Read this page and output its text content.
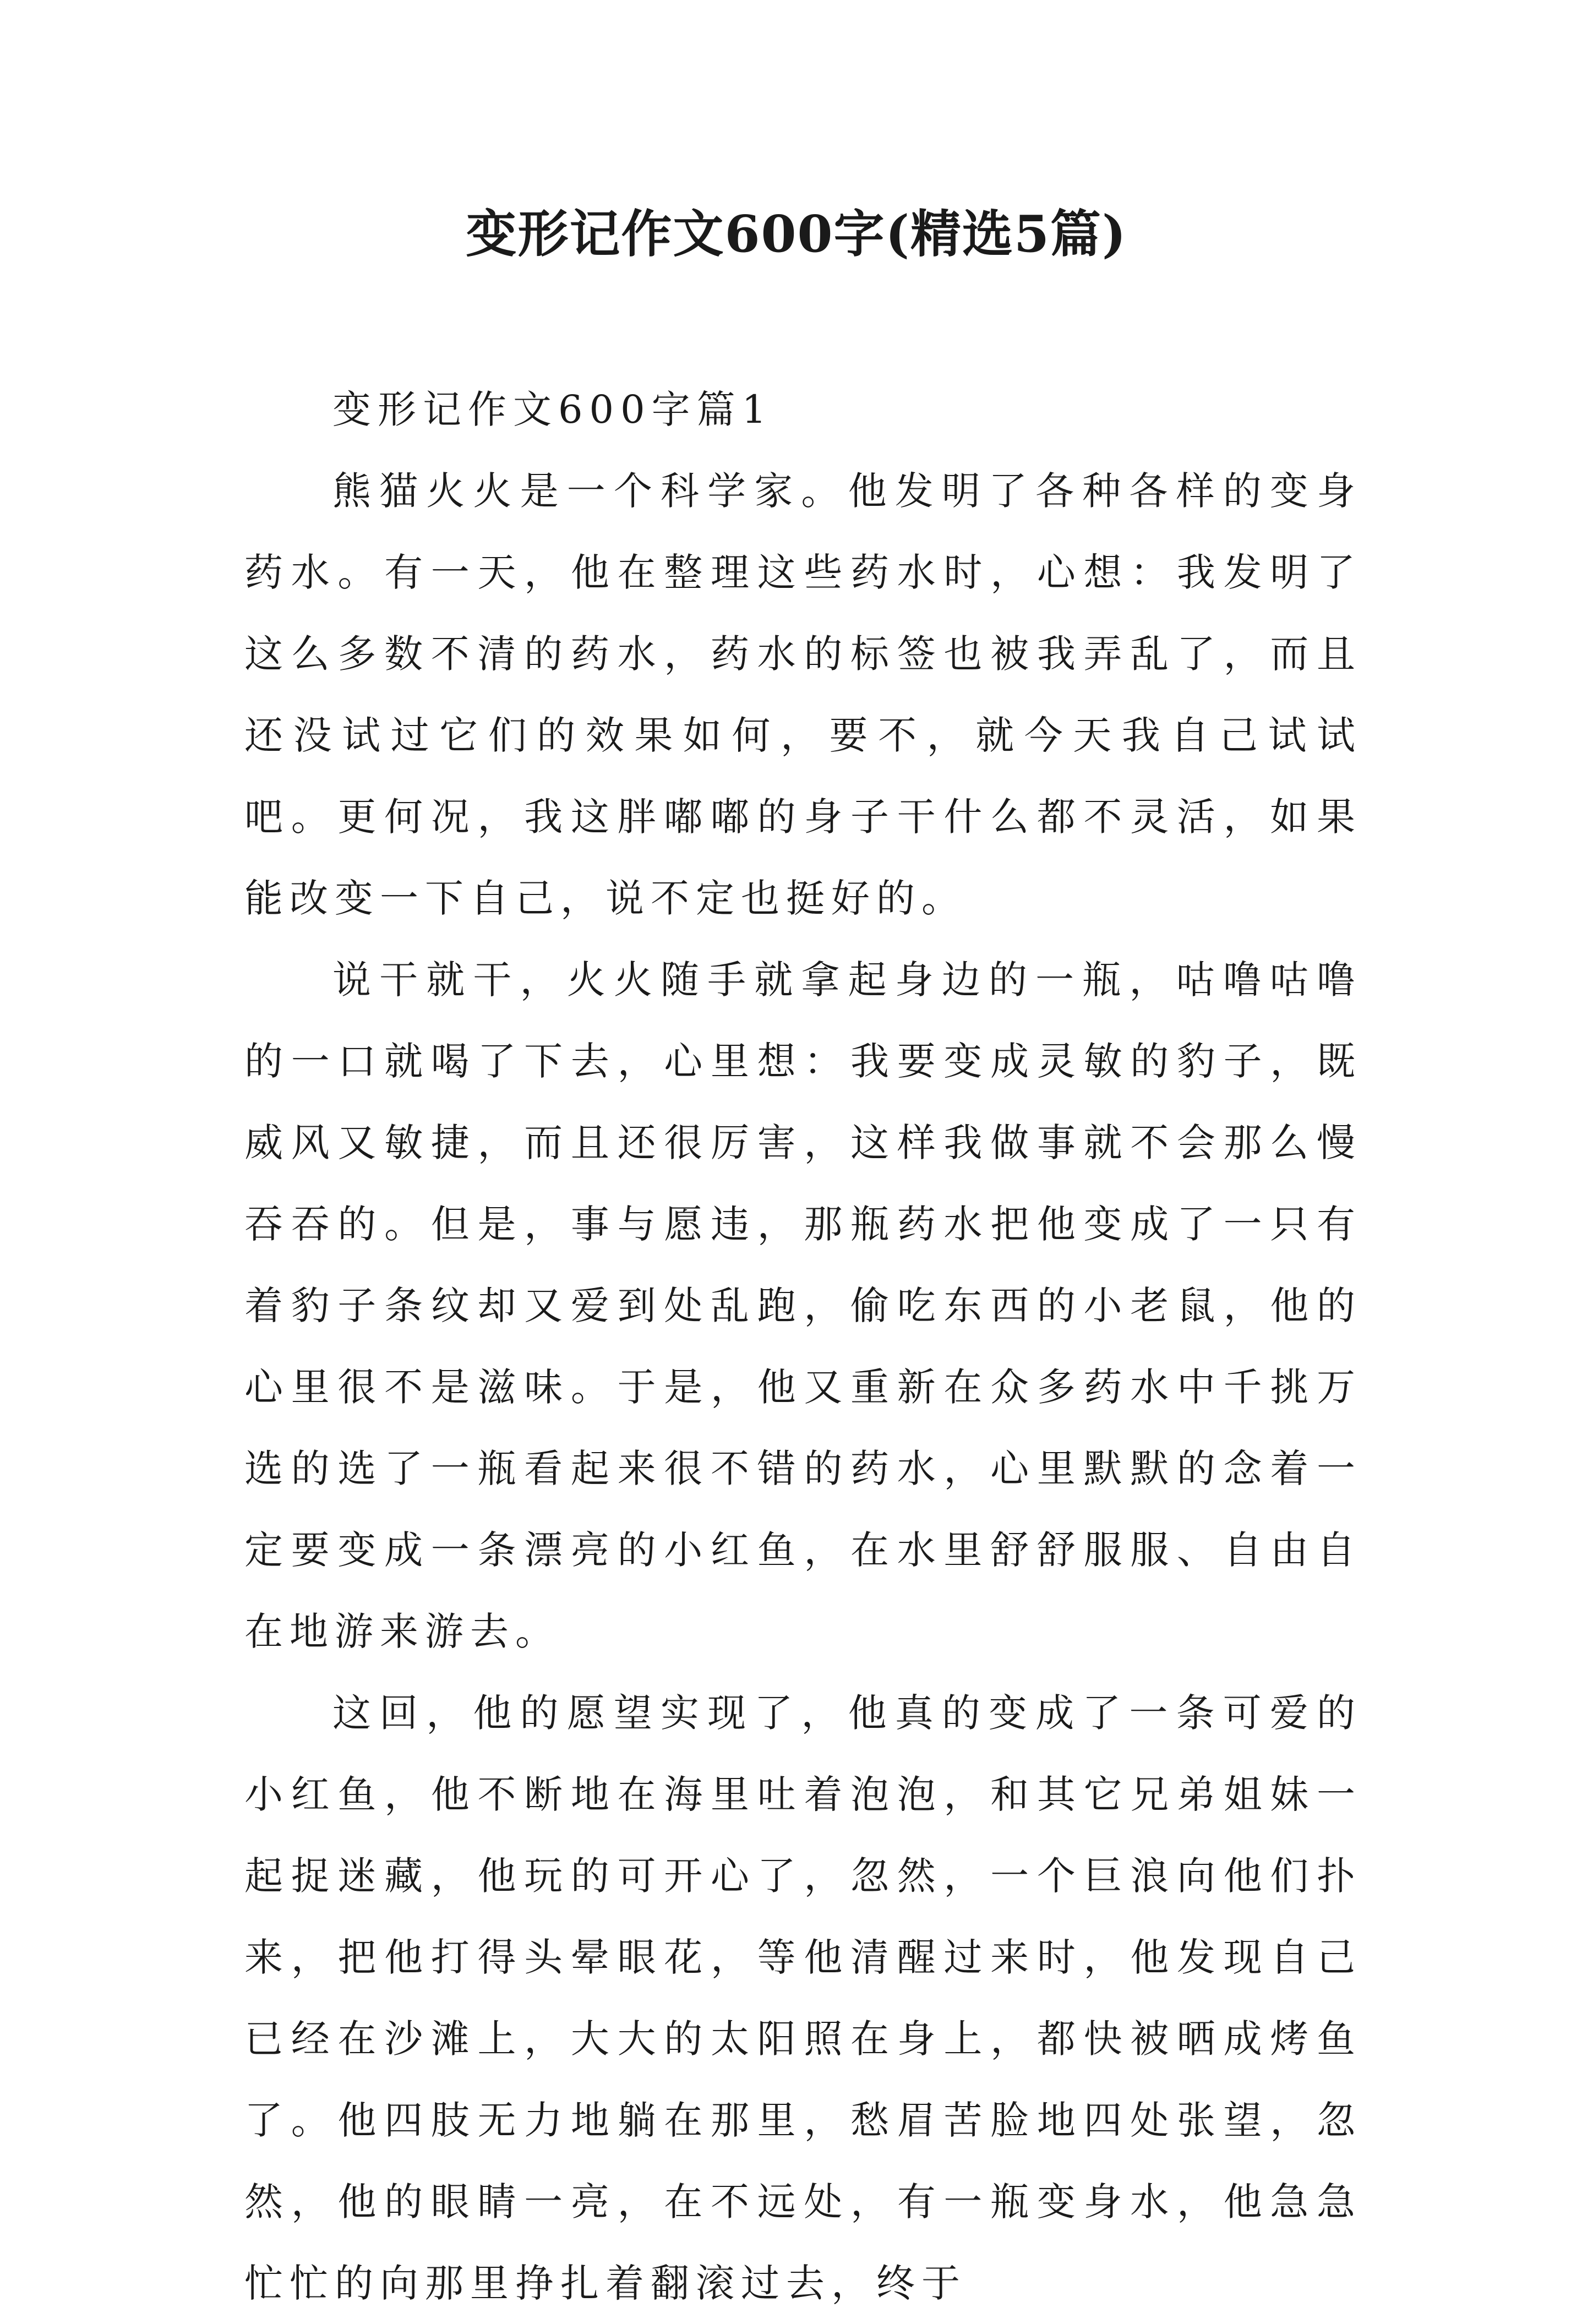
变形记作文600字(精选5篇)
变形记作文600字篇1

熊猫火火是一个科学家。他发明了各种各样的变身药水。有一天，他在整理这些药水时，心想：我发明了这么多数不清的药水，药水的标签也被我弄乱了，而且还没试过它们的效果如何，要不，就今天我自己试试吧。更何况，我这胖嘟嘟的身子干什么都不灵活，如果能改变一下自己，说不定也挺好的。

说干就干，火火随手就拿起身边的一瓶，咕噜咕噜的一口就喝了下去，心里想：我要变成灵敏的豹子，既威风又敏捷，而且还很厉害，这样我做事就不会那么慢吞吞的。但是，事与愿违，那瓶药水把他变成了一只有着豹子条纹却又爱到处乱跑，偷吃东西的小老鼠，他的心里很不是滋味。于是，他又重新在众多药水中千挑万选的选了一瓶看起来很不错的药水，心里默默的念着一定要变成一条漂亮的小红鱼，在水里舒舒服服、自由自在地游来游去。

这回，他的愿望实现了，他真的变成了一条可爱的小红鱼，他不断地在海里吐着泡泡，和其它兄弟姐妹一起捉迷藏，他玩的可开心了，忽然，一个巨浪向他们扑来，把他打得头晕眼花，等他清醒过来时，他发现自己已经在沙滩上，大大的太阳照在身上，都快被晒成烤鱼了。他四肢无力地躺在那里，愁眉苦脸地四处张望，忽然，他的眼睛一亮，在不远处，有一瓶变身水，他急急忙忙的向那里挣扎着翻滚过去，终于
